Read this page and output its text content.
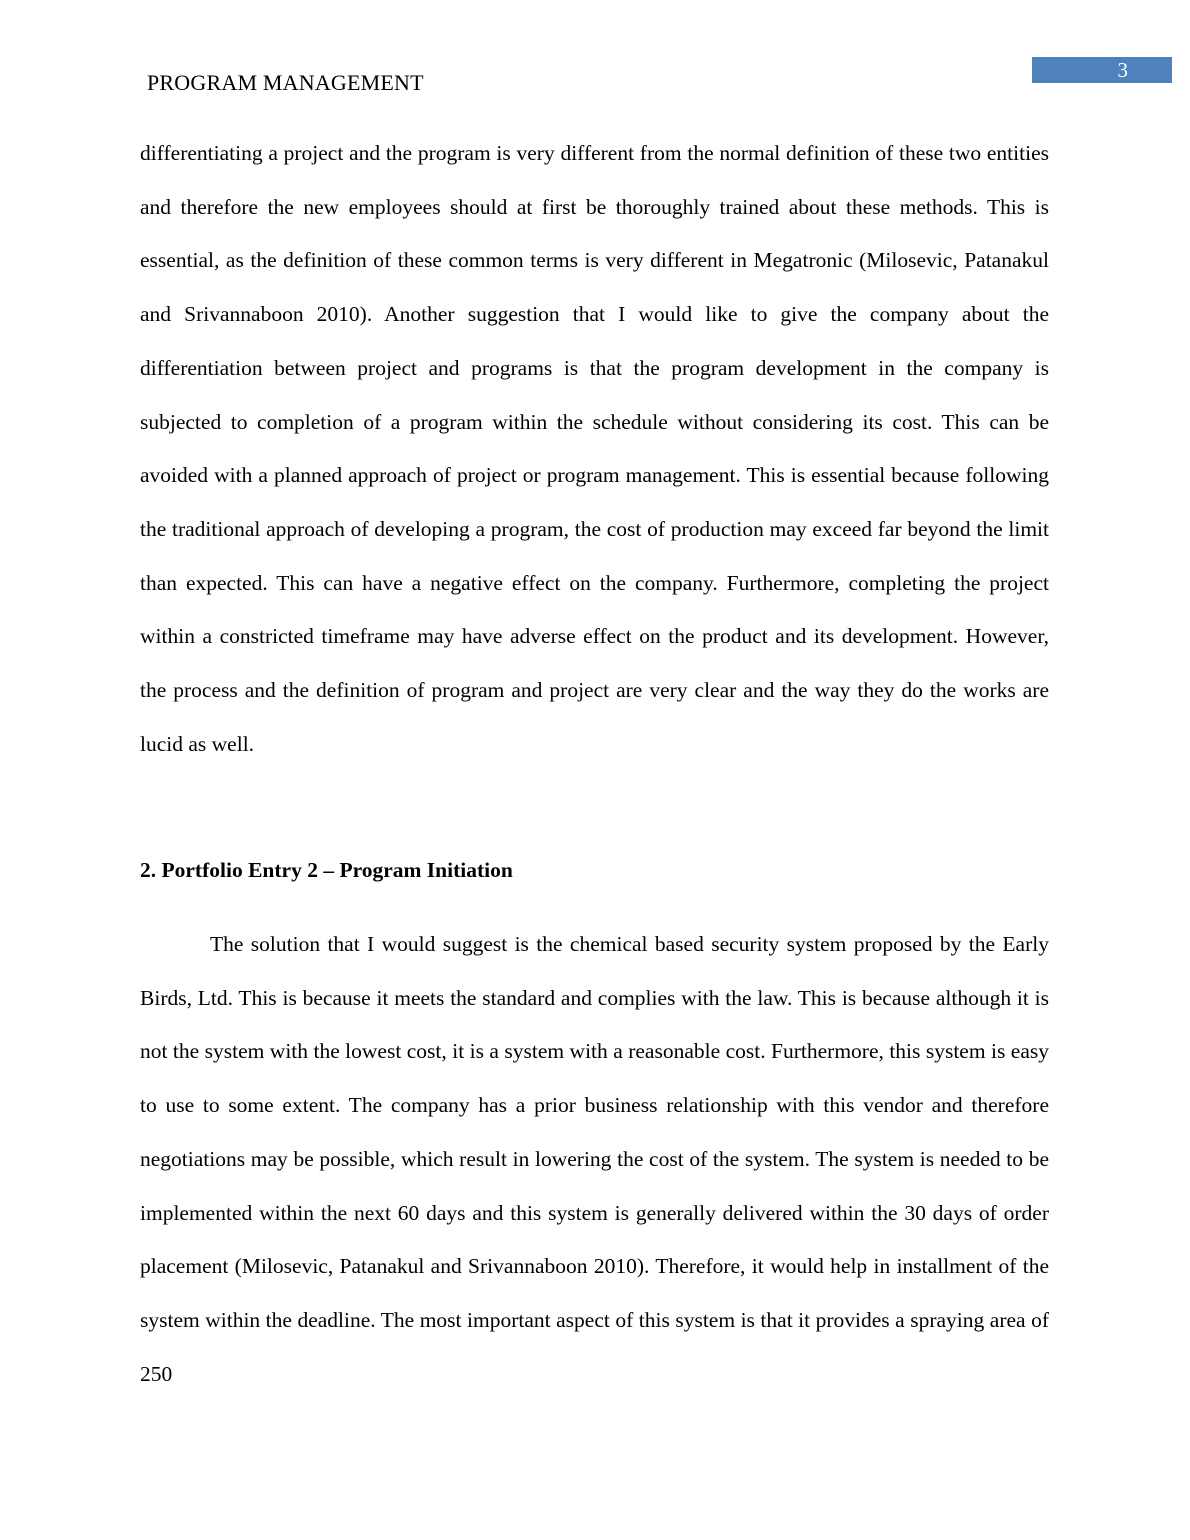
PROGRAM MANAGEMENT	3

differentiating a project and the program is very different from the normal definition of these two entities and therefore the new employees should at first be thoroughly trained about these methods. This is essential, as the definition of these common terms is very different in Megatronic (Milosevic, Patanakul and Srivannaboon 2010). Another suggestion that I would like to give the company about the differentiation between project and programs is that the program development in the company is subjected to completion of a program within the schedule without considering its cost. This can be avoided with a planned approach of project or program management. This is essential because following the traditional approach of developing a program, the cost of production may exceed far beyond the limit than expected. This can have a negative effect on the company. Furthermore, completing the project within a constricted timeframe may have adverse effect on the product and its development. However, the process and the definition of program and project are very clear and the way they do the works are lucid as well.

2. Portfolio Entry 2 – Program Initiation

The solution that I would suggest is the chemical based security system proposed by the Early Birds, Ltd. This is because it meets the standard and complies with the law. This is because although it is not the system with the lowest cost, it is a system with a reasonable cost. Furthermore, this system is easy to use to some extent. The company has a prior business relationship with this vendor and therefore negotiations may be possible, which result in lowering the cost of the system. The system is needed to be implemented within the next 60 days and this system is generally delivered within the 30 days of order placement (Milosevic, Patanakul and Srivannaboon 2010). Therefore, it would help in installment of the system within the deadline. The most important aspect of this system is that it provides a spraying area of 250
